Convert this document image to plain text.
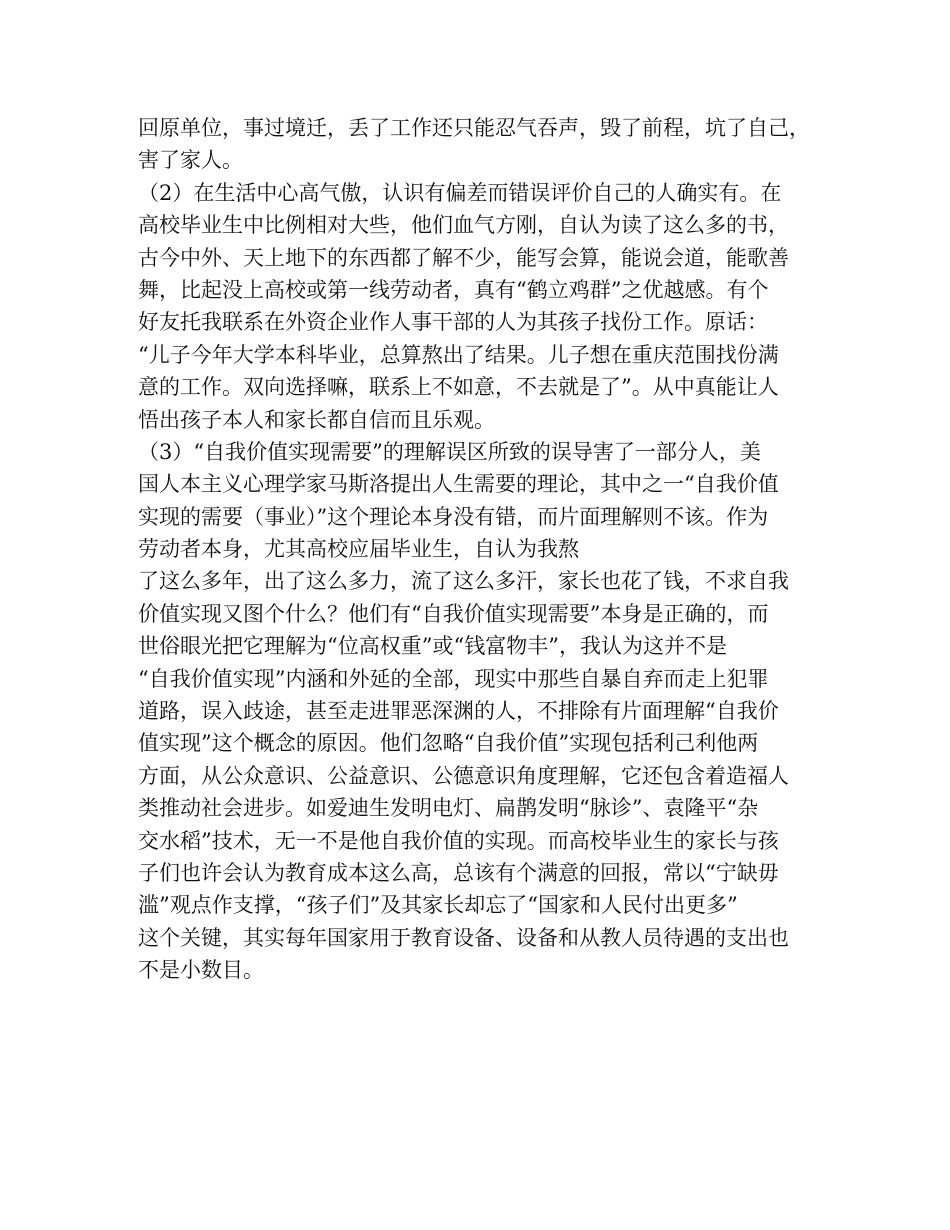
回原单位，事过境迁，丢了工作还只能忍气吞声，毁了前程，坑了自己，
害了家人。
（2）在生活中心高气傲，认识有偏差而错误评价自己的人确实有。在
高校毕业生中比例相对大些，他们血气方刚，自认为读了这么多的书，
古今中外、天上地下的东西都了解不少，能写会算，能说会道，能歌善
舞，比起没上高校或第一线劳动者，真有“鹤立鸡群”之优越感。有个
好友托我联系在外资企业作人事干部的人为其孩子找份工作。原话：
“儿子今年大学本科毕业，总算熬出了结果。儿子想在重庆范围找份满
意的工作。双向选择嘛，联系上不如意，不去就是了”。从中真能让人
悟出孩子本人和家长都自信而且乐观。
（3）“自我价值实现需要”的理解误区所致的误导害了一部分人，美
国人本主义心理学家马斯洛提出人生需要的理论，其中之一“自我价值
实现的需要（事业）”这个理论本身没有错，而片面理解则不该。作为
劳动者本身，尤其高校应届毕业生，自认为我熬
了这么多年，出了这么多力，流了这么多汗，家长也花了钱，不求自我
价值实现又图个什么？他们有“自我价值实现需要”本身是正确的，而
世俗眼光把它理解为“位高权重”或“钱富物丰”，我认为这并不是
“自我价值实现”内涵和外延的全部，现实中那些自暴自弃而走上犯罪
道路，误入歧途，甚至走进罪恶深渊的人，不排除有片面理解“自我价
值实现”这个概念的原因。他们忽略“自我价值”实现包括利己利他两
方面，从公众意识、公益意识、公德意识角度理解，它还包含着造福人
类推动社会进步。如爱迪生发明电灯、扁鹊发明“脉诊”、袁隆平“杂
交水稻”技术，无一不是他自我价值的实现。而高校毕业生的家长与孩
子们也许会认为教育成本这么高，总该有个满意的回报，常以“宁缺毋
滥”观点作支撑，“孩子们”及其家长却忘了“国家和人民付出更多”
这个关键，其实每年国家用于教育设备、设备和从教人员待遇的支出也
不是小数目。
